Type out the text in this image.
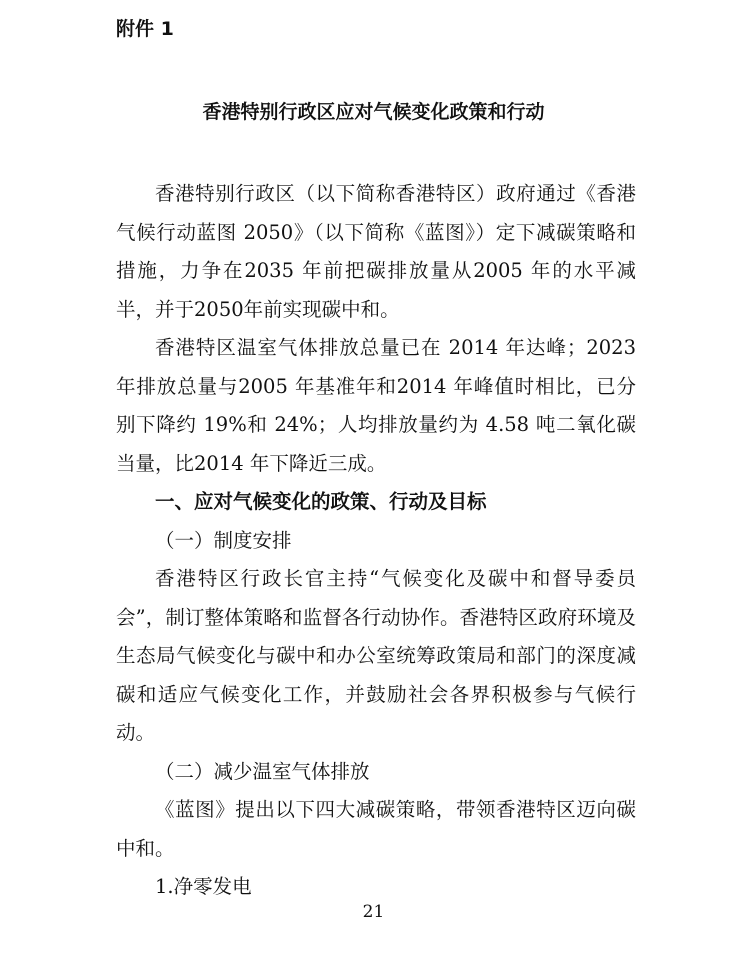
附件 1
香港特别行政区应对气候变化政策和行动

香港特别行政区（以下简称香港特区）政府通过《香港气候行动蓝图 2050》（以下简称《蓝图》）定下减碳策略和措施，力争在2035 年前把碳排放量从2005 年的水平减半，并于2050年前实现碳中和。

香港特区温室气体排放总量已在 2014 年达峰；2023 年排放总量与2005 年基准年和2014 年峰值时相比，已分别下降约 19%和 24%；人均排放量约为 4.58 吨二氧化碳当量，比2014 年下降近三成。

一、应对气候变化的政策、行动及目标

（一）制度安排

香港特区行政长官主持“气候变化及碳中和督导委员会”，制订整体策略和监督各行动协作。香港特区政府环境及生态局气候变化与碳中和办公室统筹政策局和部门的深度减碳和适应气候变化工作，并鼓励社会各界积极参与气候行动。

（二）减少温室气体排放

《蓝图》提出以下四大减碳策略，带领香港特区迈向碳中和。

1.净零发电

21
